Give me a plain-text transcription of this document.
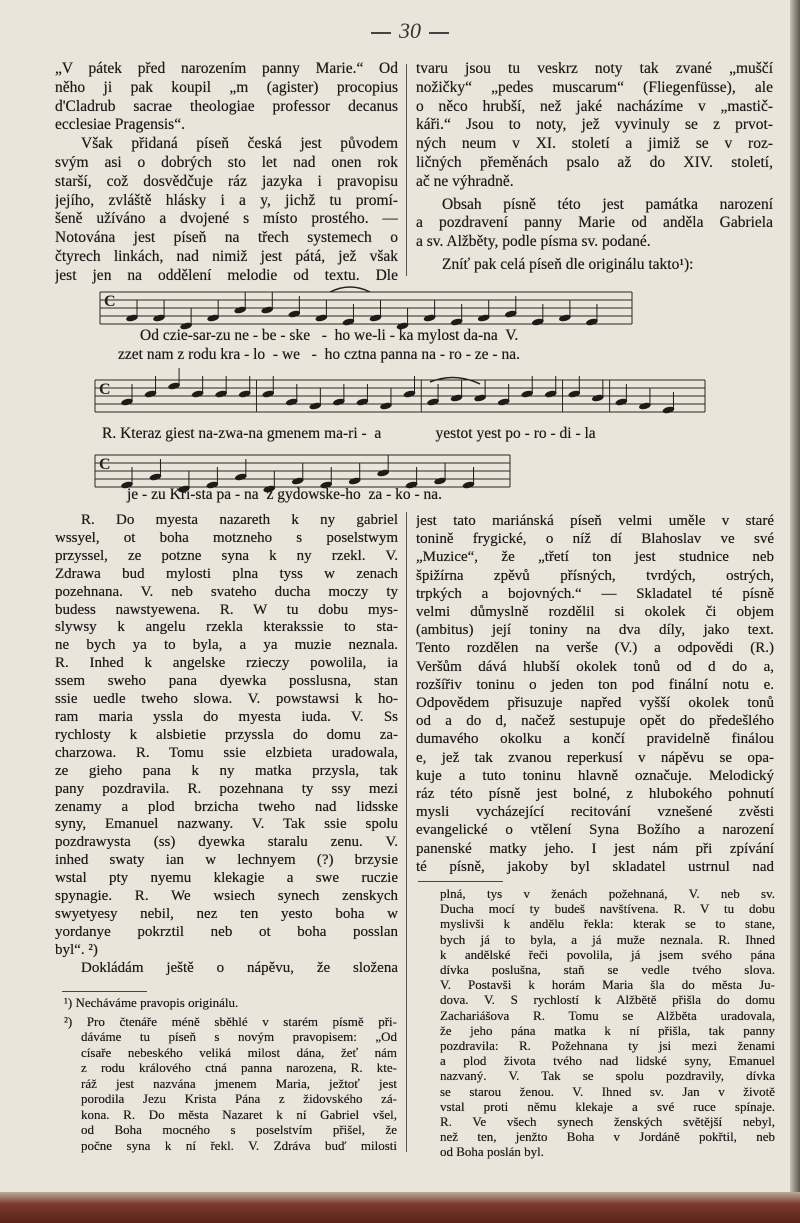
30
„V pátek před narozením panny Marie.“ Od
něho ji pak koupil „m (agister) procopius
d'Cladrub sacrae theologiae professor decanus
ecclesiae Pragensis“.
Však přidaná píseň česká jest původem
svým asi o dobrých sto let nad onen rok
starší, což dosvědčuje ráz jazyka i pravopisu
jejího, zvláště hlásky i a y, jichž tu promí-
šeně užíváno a dvojené s místo prostého. —
Notována jest píseň na třech systemech o
čtyrech linkách, nad nimiž jest pátá, jež však
jest jen na oddělení melodie od textu. Dle
tvaru jsou tu veskrz noty tak zvané „muščí
nožičky“ „pedes muscarum“ (Fliegenfüsse), ale
o něco hrubší, než jaké nacházíme v „mastič-
káři.“ Jsou to noty, jež vyvinuly se z prvot-
ných neum v XI. století a jimiž se v roz-
ličných přeměnách psalo až do XIV. století,
ač ne výhradně.
Obsah písně této jest památka narození
a pozdravení panny Marie od anděla Gabriela
a sv. Alžběty, podle písma sv. podané.
Zníť pak celá píseň dle originálu takto¹):
C
C
C
Od czie-sar-zu ne - be - ske   -  ho we-li - ka mylost da-na  V.
zzet nam z rodu kra - lo  - we   -  ho cztna panna na - ro - ze - na.
R. Kteraz giest na-zwa-na gmenem ma-ri -  a              yestot yest po - ro - di - la
je - zu Kri-sta pa - na  z gydowske-ho  za - ko - na.
R. Do myesta nazareth k ny gabriel
wssyel, ot boha motzneho s poselstwym
przyssel, ze potzne syna k ny rzekl. V.
Zdrawa bud mylosti plna tyss w zenach
pozehnana. V. neb svateho ducha moczy ty
budess nawstyewena. R. W tu dobu mys-
slywsy k angelu rzekla kterakssie to sta-
ne bych ya to byla, a ya muzie neznala.
R. Inhed k angelske rzieczy powolila, ia
ssem sweho pana dyewka posslusna, stan
ssie uedle tweho slowa. V. powstawsi k ho-
ram maria yssla do myesta iuda. V. Ss
rychlosty k alsbietie przyssla do domu za-
charzowa. R. Tomu ssie elzbieta uradowala,
ze gieho pana k ny matka przysla, tak
pany pozdravila. R. pozehnana ty ssy mezi
zenamy a plod brzicha tweho nad lidsske
syny, Emanuel nazwany. V. Tak ssie spolu
pozdrawysta (ss) dyewka staralu zenu. V.
inhed swaty ian w lechnyem (?) brzysie
wstal pty nyemu klekagie a swe ruczie
spynagie. R. We wsiech synech zenskych
swyetyesy nebil, nez ten yesto boha w
yordanye pokrztil neb ot boha posslan
byl“. ²)
Dokládám ještě o nápěvu, že složena
jest tato mariánská píseň velmi uměle v staré
tonině frygické, o níž dí Blahoslav ve své
„Muzice“, že „třetí ton jest studnice neb
špižírna zpěvů přísných, tvrdých, ostrých,
trpkých a bojovných.“ — Skladatel té písně
velmi důmyslně rozdělil si okolek či objem
(ambitus) její toniny na dva díly, jako text.
Tento rozdělen na verše (V.) a odpovědi (R.)
Veršům dává hlubší okolek tonů od d do a,
rozšířiv toninu o jeden ton pod finální notu e.
Odpovědem přisuzuje napřed vyšší okolek tonů
od a do d, načež sestupuje opět do předešlého
dumavého okolku a končí pravidelně finálou
e, jež tak zvanou reperkusí v nápěvu se opa-
kuje a tuto toninu hlavně označuje. Melodický
ráz této písně jest bolné, z hlubokého pohnutí
mysli vycházející recitování vznešené zvěsti
evangelické o vtělení Syna Božího a narození
panenské matky jeho. I jest nám při zpívání
té písně, jakoby byl skladatel ustrnul nad
¹) Necháváme pravopis originálu.
²) Pro čtenáře méně sběhlé v starém písmě při-
dáváme tu píseň s novým pravopisem: „Od
císaře nebeského veliká milost dána, žeť nám
z rodu králového ctná panna narozena, R. kte-
ráž jest nazvána jmenem Maria, ježtoť jest
porodila Jezu Krista Pána z židovského zá-
kona. R. Do města Nazaret k ní Gabriel všel,
od Boha mocného s poselstvím přišel, že
počne syna k ní řekl. V. Zdráva buď milosti
plná, tys v ženách požehnaná, V. neb sv.
Ducha mocí ty budeš navštívena. R. V tu dobu
myslivši k andělu řekla: kterak se to stane,
bych já to byla, a já muže neznala. R. Ihned
k andělské řeči povolila, já jsem svého pána
dívka poslušna, staň se vedle tvého slova.
V. Postavši k horám Maria šla do města Ju-
dova. V. S rychlostí k Alžbětě přišla do domu
Zachariášova R. Tomu se Alžběta uradovala,
že jeho pána matka k ní přišla, tak panny
pozdravila: R. Požehnana ty jsi mezi ženami
a plod života tvého nad lidské syny, Emanuel
nazvaný. V. Tak se spolu pozdravily, dívka
se starou ženou. V. Ihned sv. Jan v životě
vstal proti němu klekaje a své ruce spínaje.
R. Ve všech synech ženských světější nebyl,
než ten, jenžto Boha v Jordáně pokřtil, neb
od Boha poslán byl.
